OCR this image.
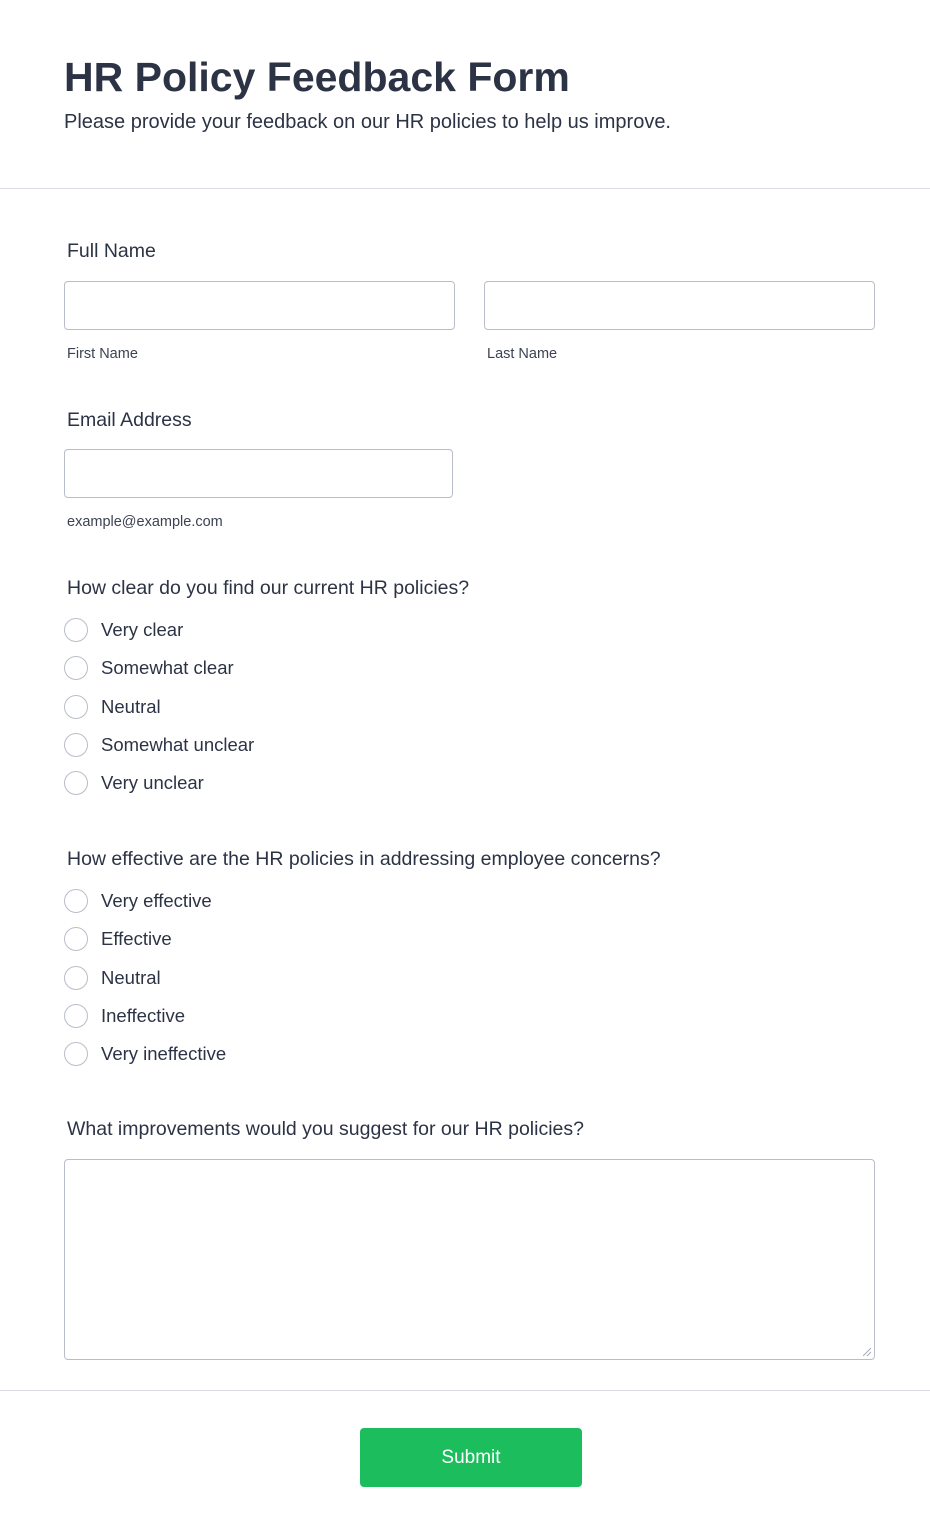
HR Policy Feedback Form
Please provide your feedback on our HR policies to help us improve.
Full Name
First Name	Last Name
Email Address
example@example.com
How clear do you find our current HR policies?
Very clear
Somewhat clear
Neutral
Somewhat unclear
Very unclear
How effective are the HR policies in addressing employee concerns?
Very effective
Effective
Neutral
Ineffective
Very ineffective
What improvements would you suggest for our HR policies?
Submit
